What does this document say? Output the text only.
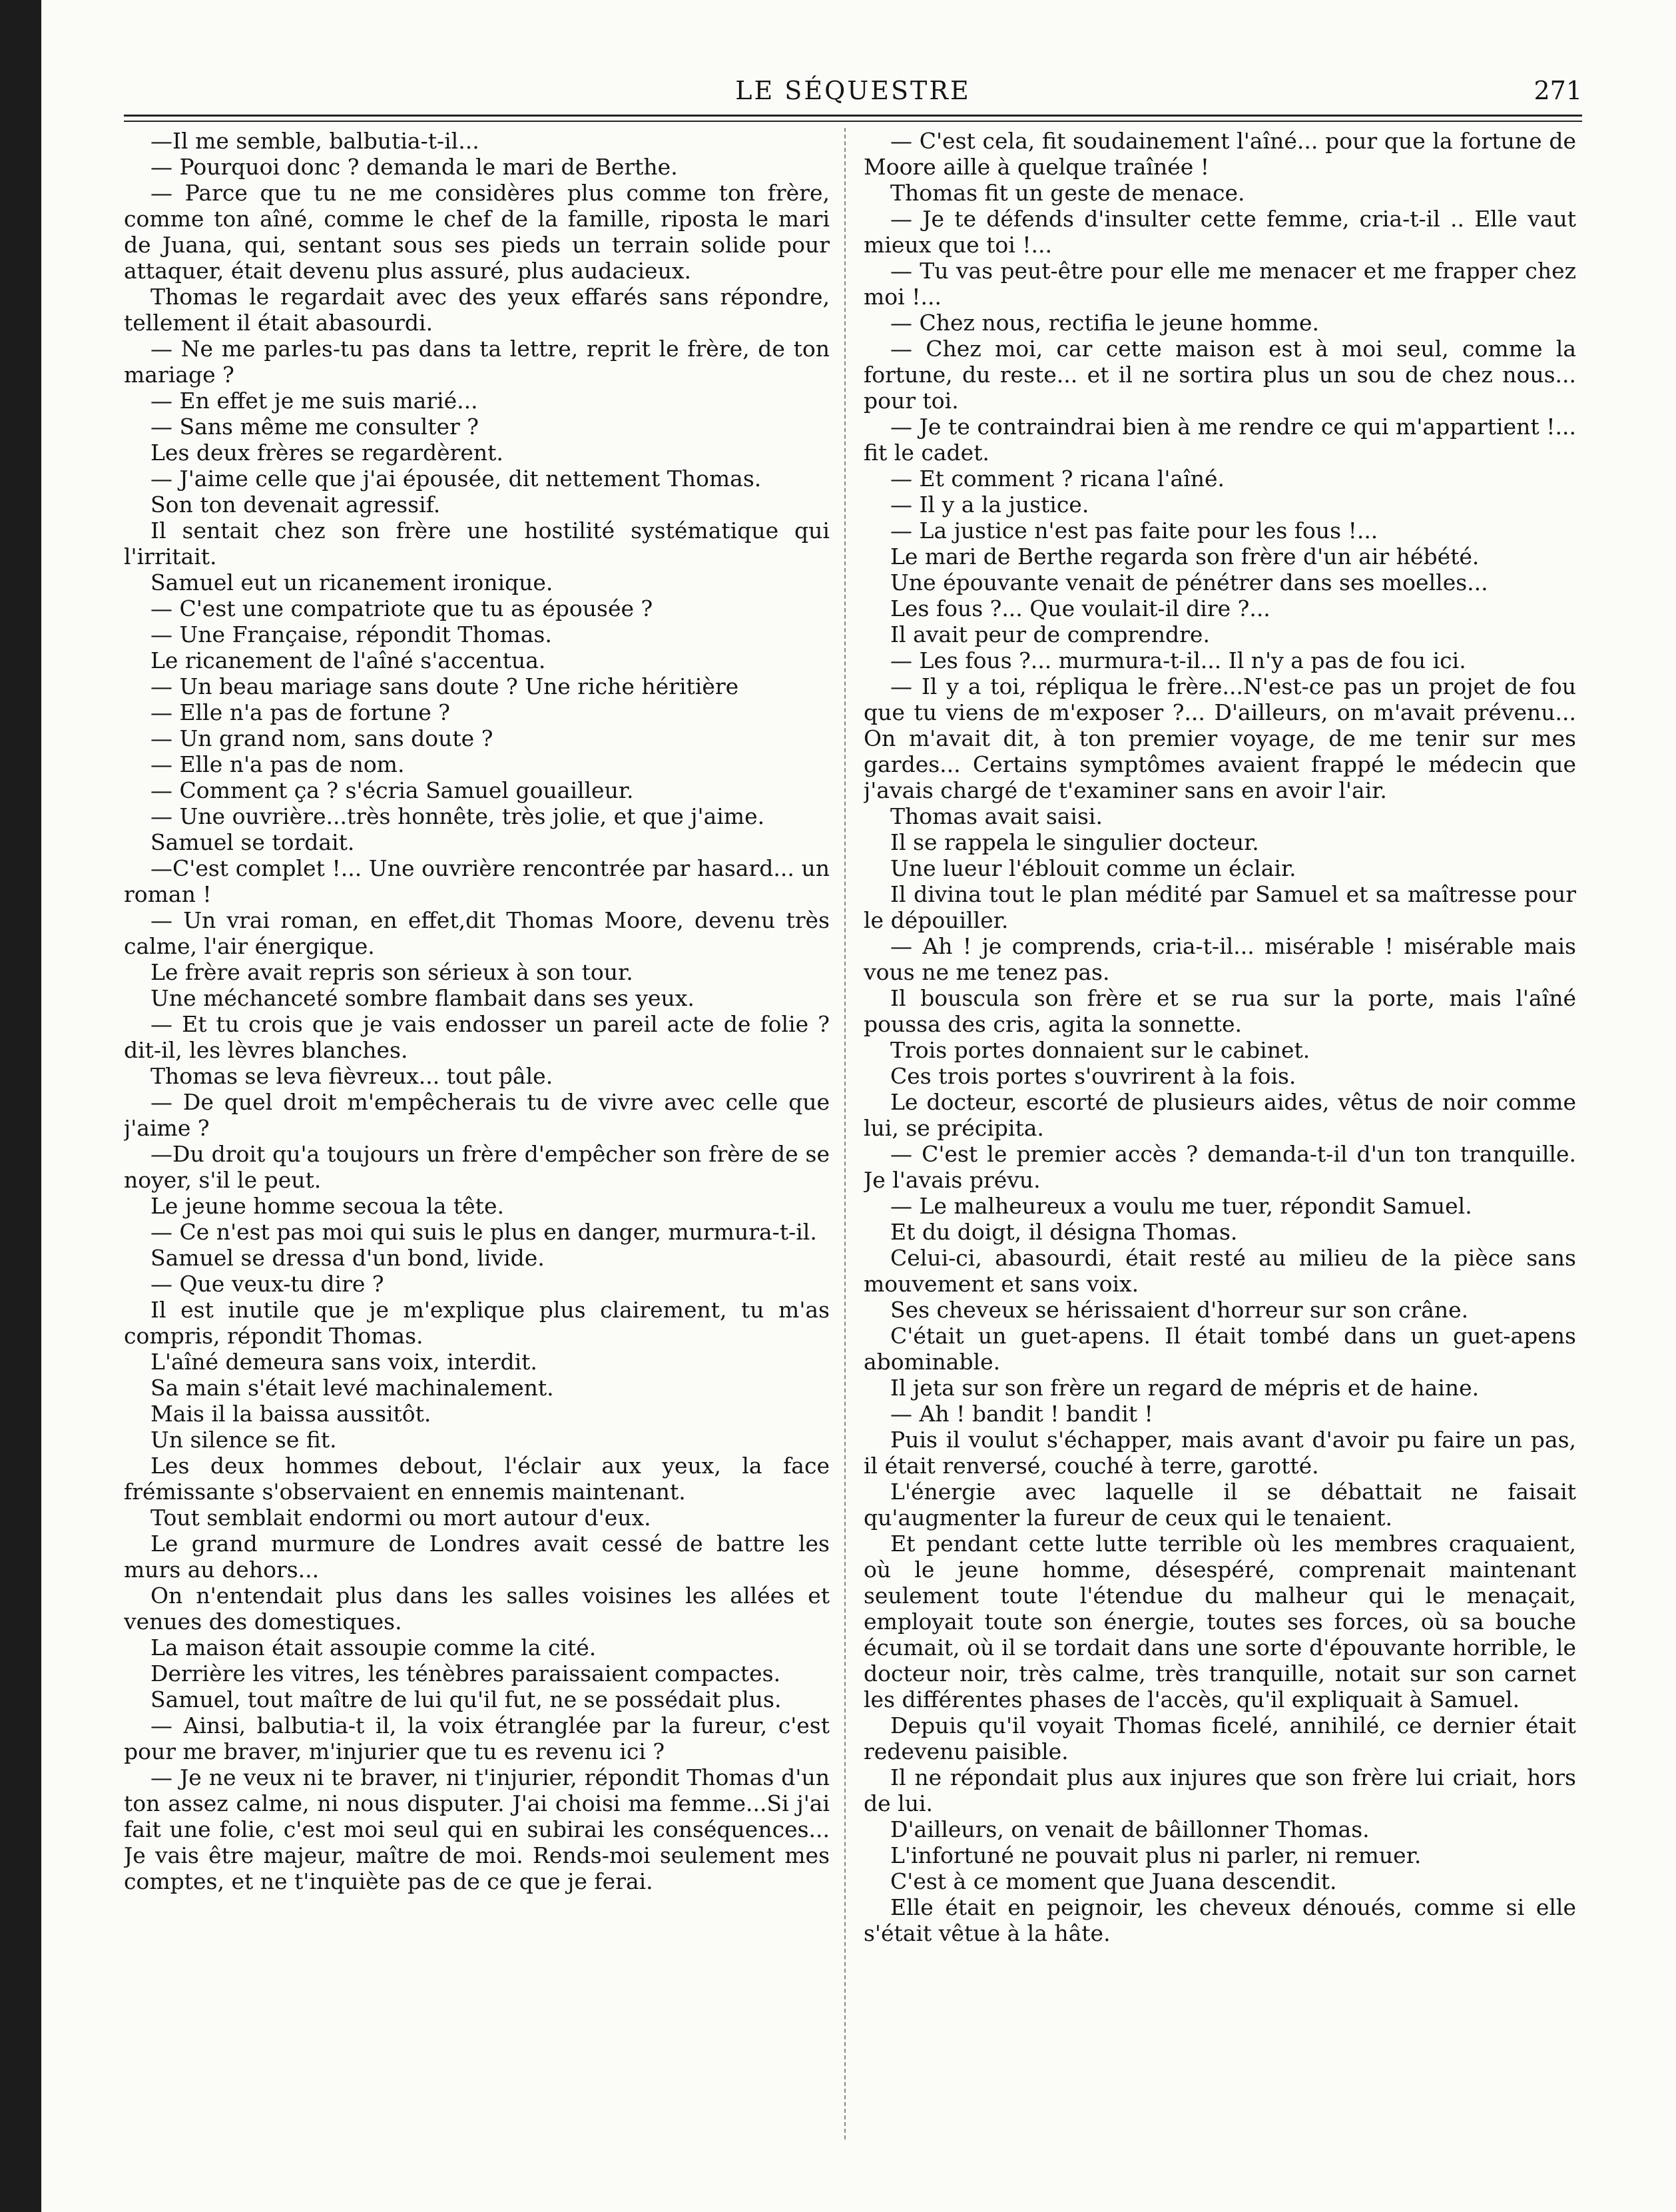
LE SÉQUESTRE	271

—Il me semble, balbutia-t-il...

— Pourquoi donc ? demanda le mari de Berthe.

— Parce que tu ne me considères plus comme ton frère, comme ton aîné, comme le chef de la famille, riposta le mari de Juana, qui, sentant sous ses pieds un terrain solide pour attaquer, était devenu plus assuré, plus audacieux.

Thomas le regardait avec des yeux effarés sans répondre, tellement il était abasourdi.

— Ne me parles-tu pas dans ta lettre, reprit le frère, de ton mariage ?

— En effet je me suis marié...

— Sans même me consulter ?

Les deux frères se regardèrent.

— J'aime celle que j'ai épousée, dit nettement Thomas.

Son ton devenait agressif.

Il sentait chez son frère une hostilité systématique qui l'irritait.

Samuel eut un ricanement ironique.

— C'est une compatriote que tu as épousée ?

— Une Française, répondit Thomas.

Le ricanement de l'aîné s'accentua.

— Un beau mariage sans doute ? Une riche héritière

— Elle n'a pas de fortune ?

— Un grand nom, sans doute ?

— Elle n'a pas de nom.

— Comment ça ? s'écria Samuel gouailleur.

— Une ouvrière...très honnête, très jolie, et que j'aime.

Samuel se tordait.

—C'est complet !... Une ouvrière rencontrée par hasard... un roman !

— Un vrai roman, en effet,dit Thomas Moore, devenu très calme, l'air énergique.

Le frère avait repris son sérieux à son tour.

Une méchanceté sombre flambait dans ses yeux.

— Et tu crois que je vais endosser un pareil acte de folie ? dit-il, les lèvres blanches.

Thomas se leva fièvreux... tout pâle.

— De quel droit m'empêcherais tu de vivre avec celle que j'aime ?

—Du droit qu'a toujours un frère d'empêcher son frère de se noyer, s'il le peut.

Le jeune homme secoua la tête.

— Ce n'est pas moi qui suis le plus en danger, murmura-t-il.

Samuel se dressa d'un bond, livide.

— Que veux-tu dire ?

Il est inutile que je m'explique plus clairement, tu m'as compris, répondit Thomas.

L'aîné demeura sans voix, interdit.

Sa main s'était levé machinalement.

Mais il la baissa aussitôt.

Un silence se fit.

Les deux hommes debout, l'éclair aux yeux, la face frémissante s'observaient en ennemis maintenant.

Tout semblait endormi ou mort autour d'eux.

Le grand murmure de Londres avait cessé de battre les murs au dehors...

On n'entendait plus dans les salles voisines les allées et venues des domestiques.

La maison était assoupie comme la cité.

Derrière les vitres, les ténèbres paraissaient compactes.

Samuel, tout maître de lui qu'il fut, ne se possédait plus.

— Ainsi, balbutia-t il, la voix étranglée par la fureur, c'est pour me braver, m'injurier que tu es revenu ici ?

— Je ne veux ni te braver, ni t'injurier, répondit Thomas d'un ton assez calme, ni nous disputer. J'ai choisi ma femme...Si j'ai fait une folie, c'est moi seul qui en subirai les conséquences... Je vais être majeur, maître de moi. Rends-moi seulement mes comptes, et ne t'inquiète pas de ce que je ferai.

— C'est cela, fit soudainement l'aîné... pour que la fortune de Moore aille à quelque traînée !

Thomas fit un geste de menace.

— Je te défends d'insulter cette femme, cria-t-il .. Elle vaut mieux que toi !...

— Tu vas peut-être pour elle me menacer et me frapper chez moi !...

— Chez nous, rectifia le jeune homme.

— Chez moi, car cette maison est à moi seul, comme la fortune, du reste... et il ne sortira plus un sou de chez nous... pour toi.

— Je te contraindrai bien à me rendre ce qui m'appartient !... fit le cadet.

— Et comment ? ricana l'aîné.

— Il y a la justice.

— La justice n'est pas faite pour les fous !...

Le mari de Berthe regarda son frère d'un air hébété.

Une épouvante venait de pénétrer dans ses moelles...

Les fous ?... Que voulait-il dire ?...

Il avait peur de comprendre.

— Les fous ?... murmura-t-il... Il n'y a pas de fou ici.

— Il y a toi, répliqua le frère...N'est-ce pas un projet de fou que tu viens de m'exposer ?... D'ailleurs, on m'avait prévenu... On m'avait dit, à ton premier voyage, de me tenir sur mes gardes... Certains symptômes avaient frappé le médecin que j'avais chargé de t'examiner sans en avoir l'air.

Thomas avait saisi.

Il se rappela le singulier docteur.

Une lueur l'éblouit comme un éclair.

Il divina tout le plan médité par Samuel et sa maîtresse pour le dépouiller.

— Ah ! je comprends, cria-t-il... misérable ! misérable mais vous ne me tenez pas.

Il bouscula son frère et se rua sur la porte, mais l'aîné poussa des cris, agita la sonnette.

Trois portes donnaient sur le cabinet.

Ces trois portes s'ouvrirent à la fois.

Le docteur, escorté de plusieurs aides, vêtus de noir comme lui, se précipita.

— C'est le premier accès ? demanda-t-il d'un ton tranquille. Je l'avais prévu.

— Le malheureux a voulu me tuer, répondit Samuel.

Et du doigt, il désigna Thomas.

Celui-ci, abasourdi, était resté au milieu de la pièce sans mouvement et sans voix.

Ses cheveux se hérissaient d'horreur sur son crâne.

C'était un guet-apens. Il était tombé dans un guet-apens abominable.

Il jeta sur son frère un regard de mépris et de haine.

— Ah ! bandit ! bandit !

Puis il voulut s'échapper, mais avant d'avoir pu faire un pas, il était renversé, couché à terre, garotté.

L'énergie avec laquelle il se débattait ne faisait qu'augmenter la fureur de ceux qui le tenaient.

Et pendant cette lutte terrible où les membres craquaient, où le jeune homme, désespéré, comprenait maintenant seulement toute l'étendue du malheur qui le menaçait, employait toute son énergie, toutes ses forces, où sa bouche écumait, où il se tordait dans une sorte d'épouvante horrible, le docteur noir, très calme, très tranquille, notait sur son carnet les différentes phases de l'accès, qu'il expliquait à Samuel.

Depuis qu'il voyait Thomas ficelé, annihilé, ce dernier était redevenu paisible.

Il ne répondait plus aux injures que son frère lui criait, hors de lui.

D'ailleurs, on venait de bâillonner Thomas.

L'infortuné ne pouvait plus ni parler, ni remuer.

C'est à ce moment que Juana descendit.

Elle était en peignoir, les cheveux dénoués, comme si elle s'était vêtue à la hâte.
